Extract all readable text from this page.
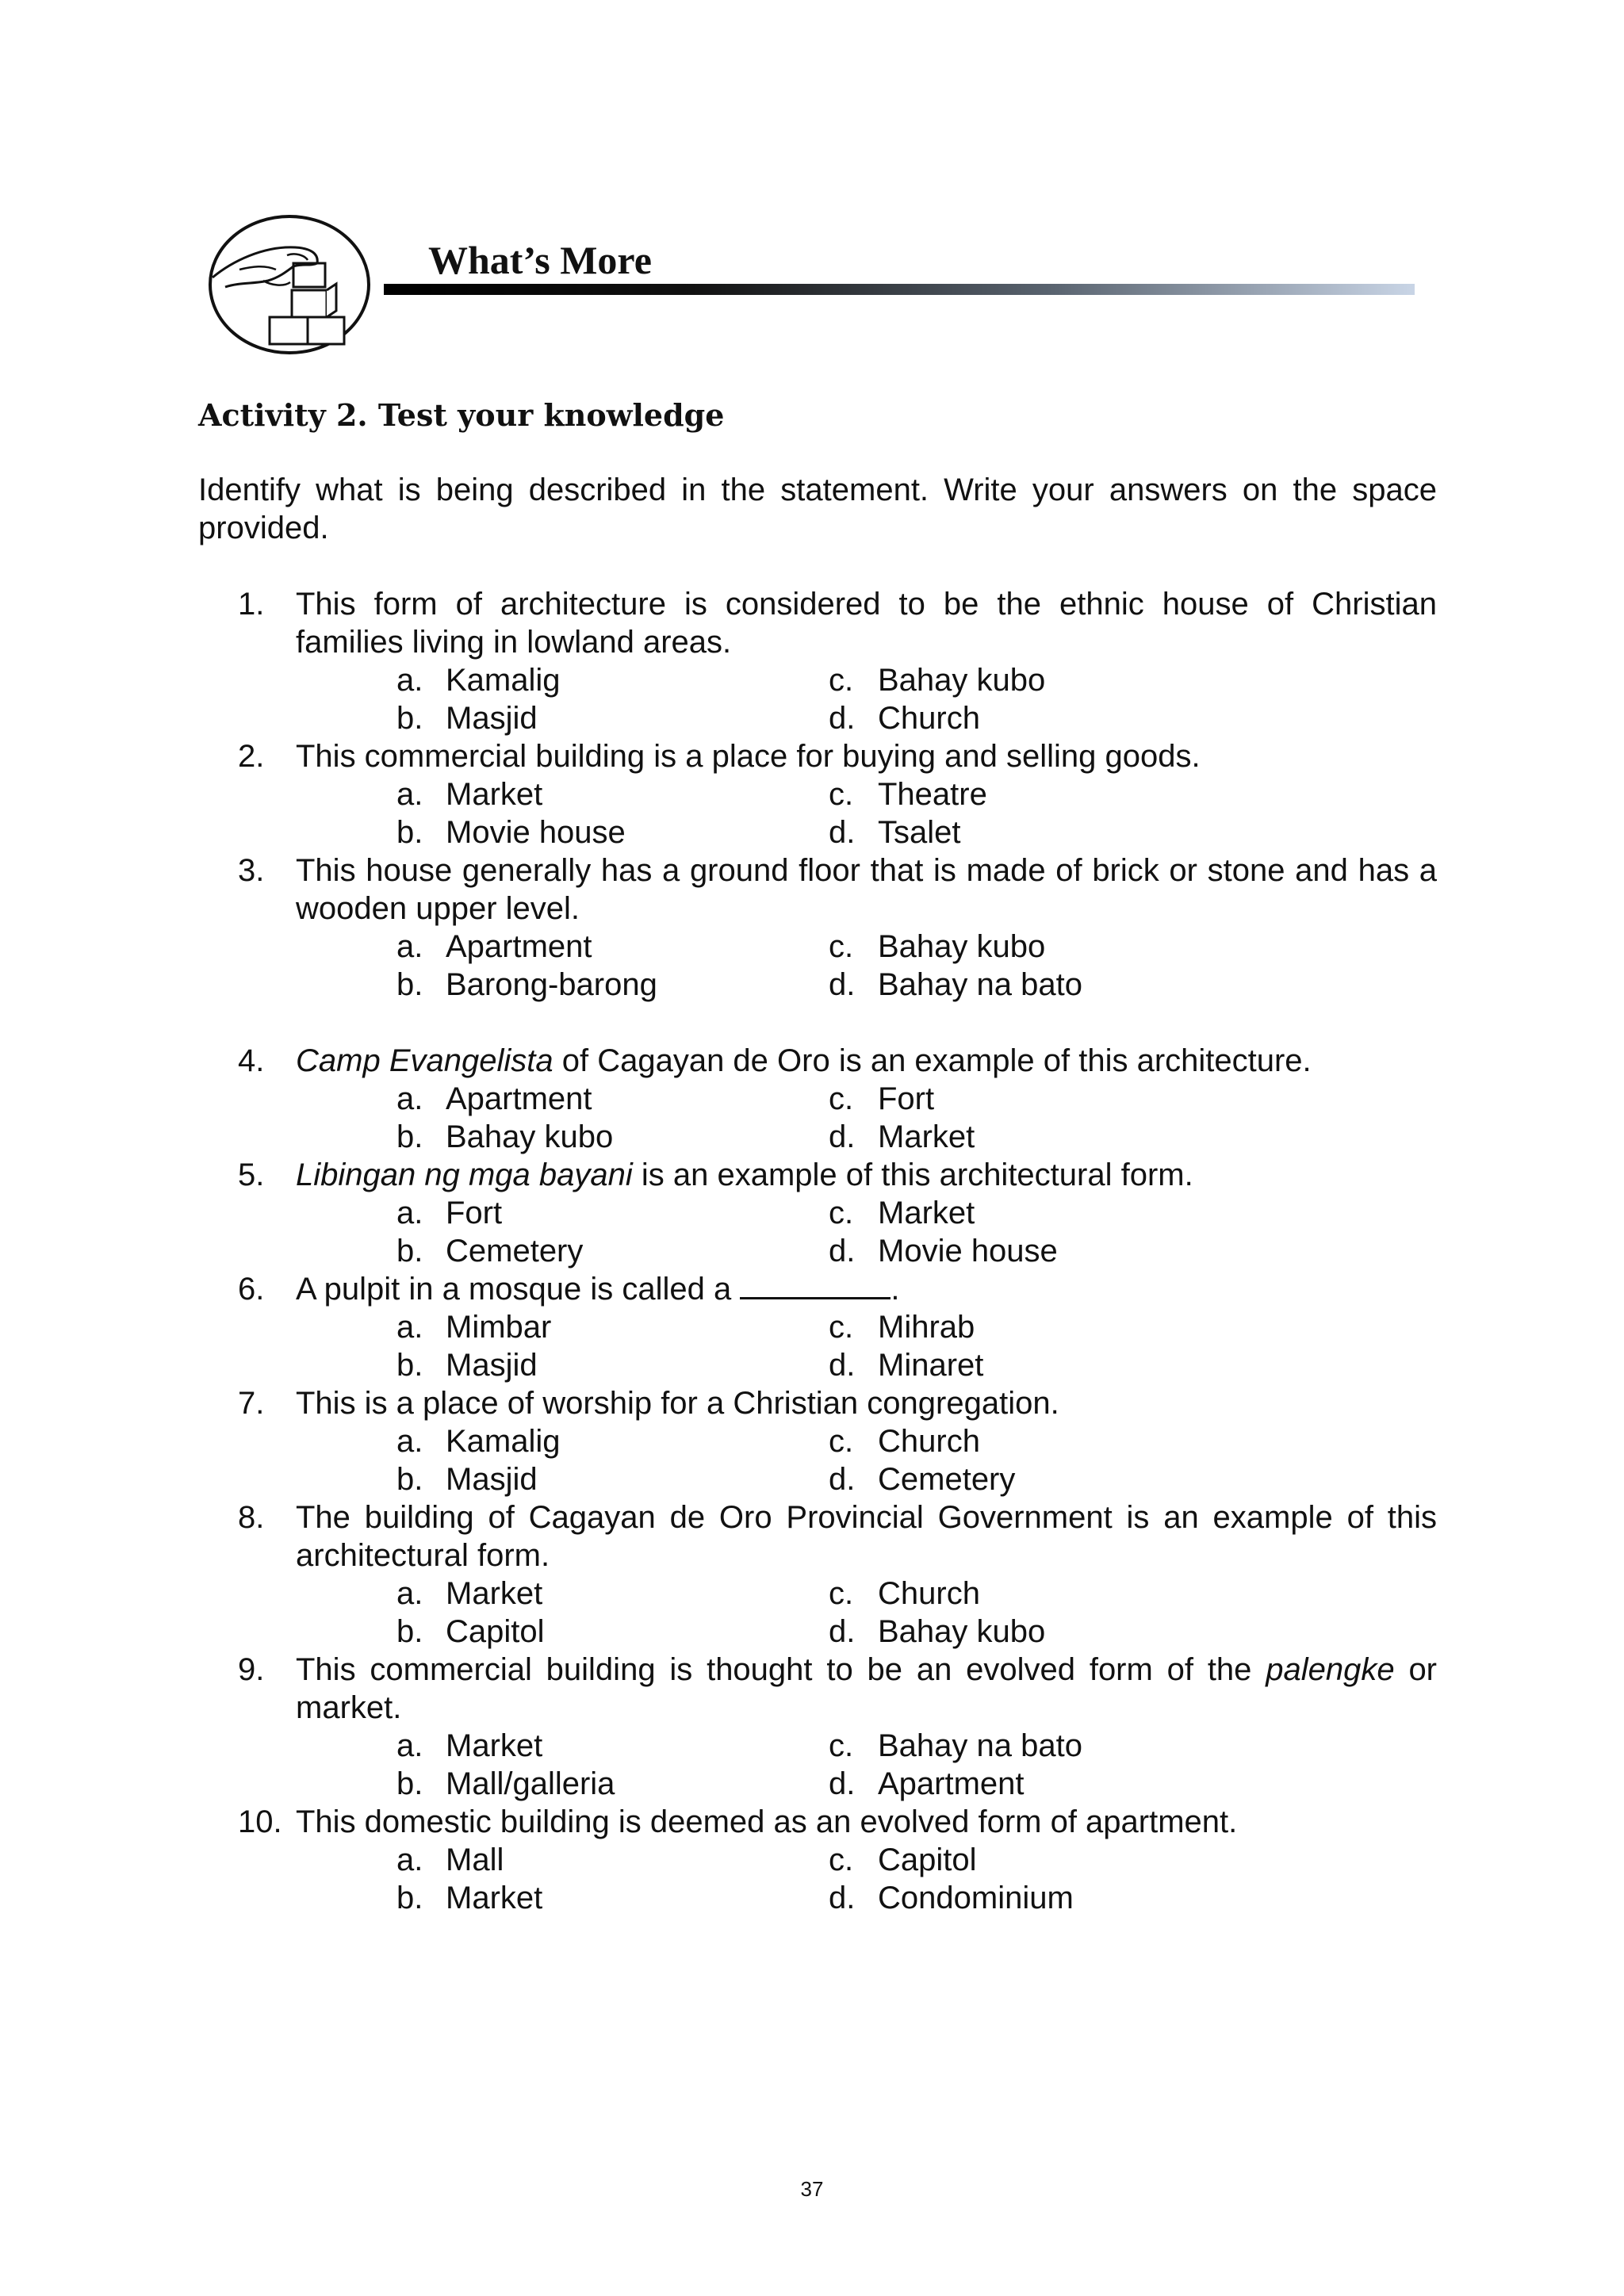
What’s More
Activity 2. Test your knowledge

Identify what is being described in the statement. Write your answers on the space provided.

1. This form of architecture is considered to be the ethnic house of Christian families living in lowland areas.

a. Kamalig
b. Masjid
c. Bahay kubo
d. Church
2. This commercial building is a place for buying and selling goods.

a. Market
b. Movie house
c. Theatre
d. Tsalet
3. This house generally has a ground floor that is made of brick or stone and has a wooden upper level.

a. Apartment
b. Barong-barong
c. Bahay kubo
d. Bahay na bato
4. Camp Evangelista of Cagayan de Oro is an example of this architecture.

a. Apartment
b. Bahay kubo
c. Fort
d. Market
5. Libingan ng mga bayani is an example of this architectural form.

a. Fort
b. Cemetery
c. Market
d. Movie house
6. A pulpit in a mosque is called a	.

a. Mimbar
b. Masjid
c. Mihrab
d. Minaret
7. This is a place of worship for a Christian congregation.

a. Kamalig
b. Masjid
c. Church
d. Cemetery
8. The building of Cagayan de Oro Provincial Government is an example of this architectural form.

a. Market
b. Capitol
c. Church
d. Bahay kubo
9. This commercial building is thought to be an evolved form of the palengke or market.

a. Market
b. Mall/galleria
c. Bahay na bato
d. Apartment
10. This domestic building is deemed as an evolved form of apartment.

a. Mall
b. Market
c. Capitol
d. Condominium
37
